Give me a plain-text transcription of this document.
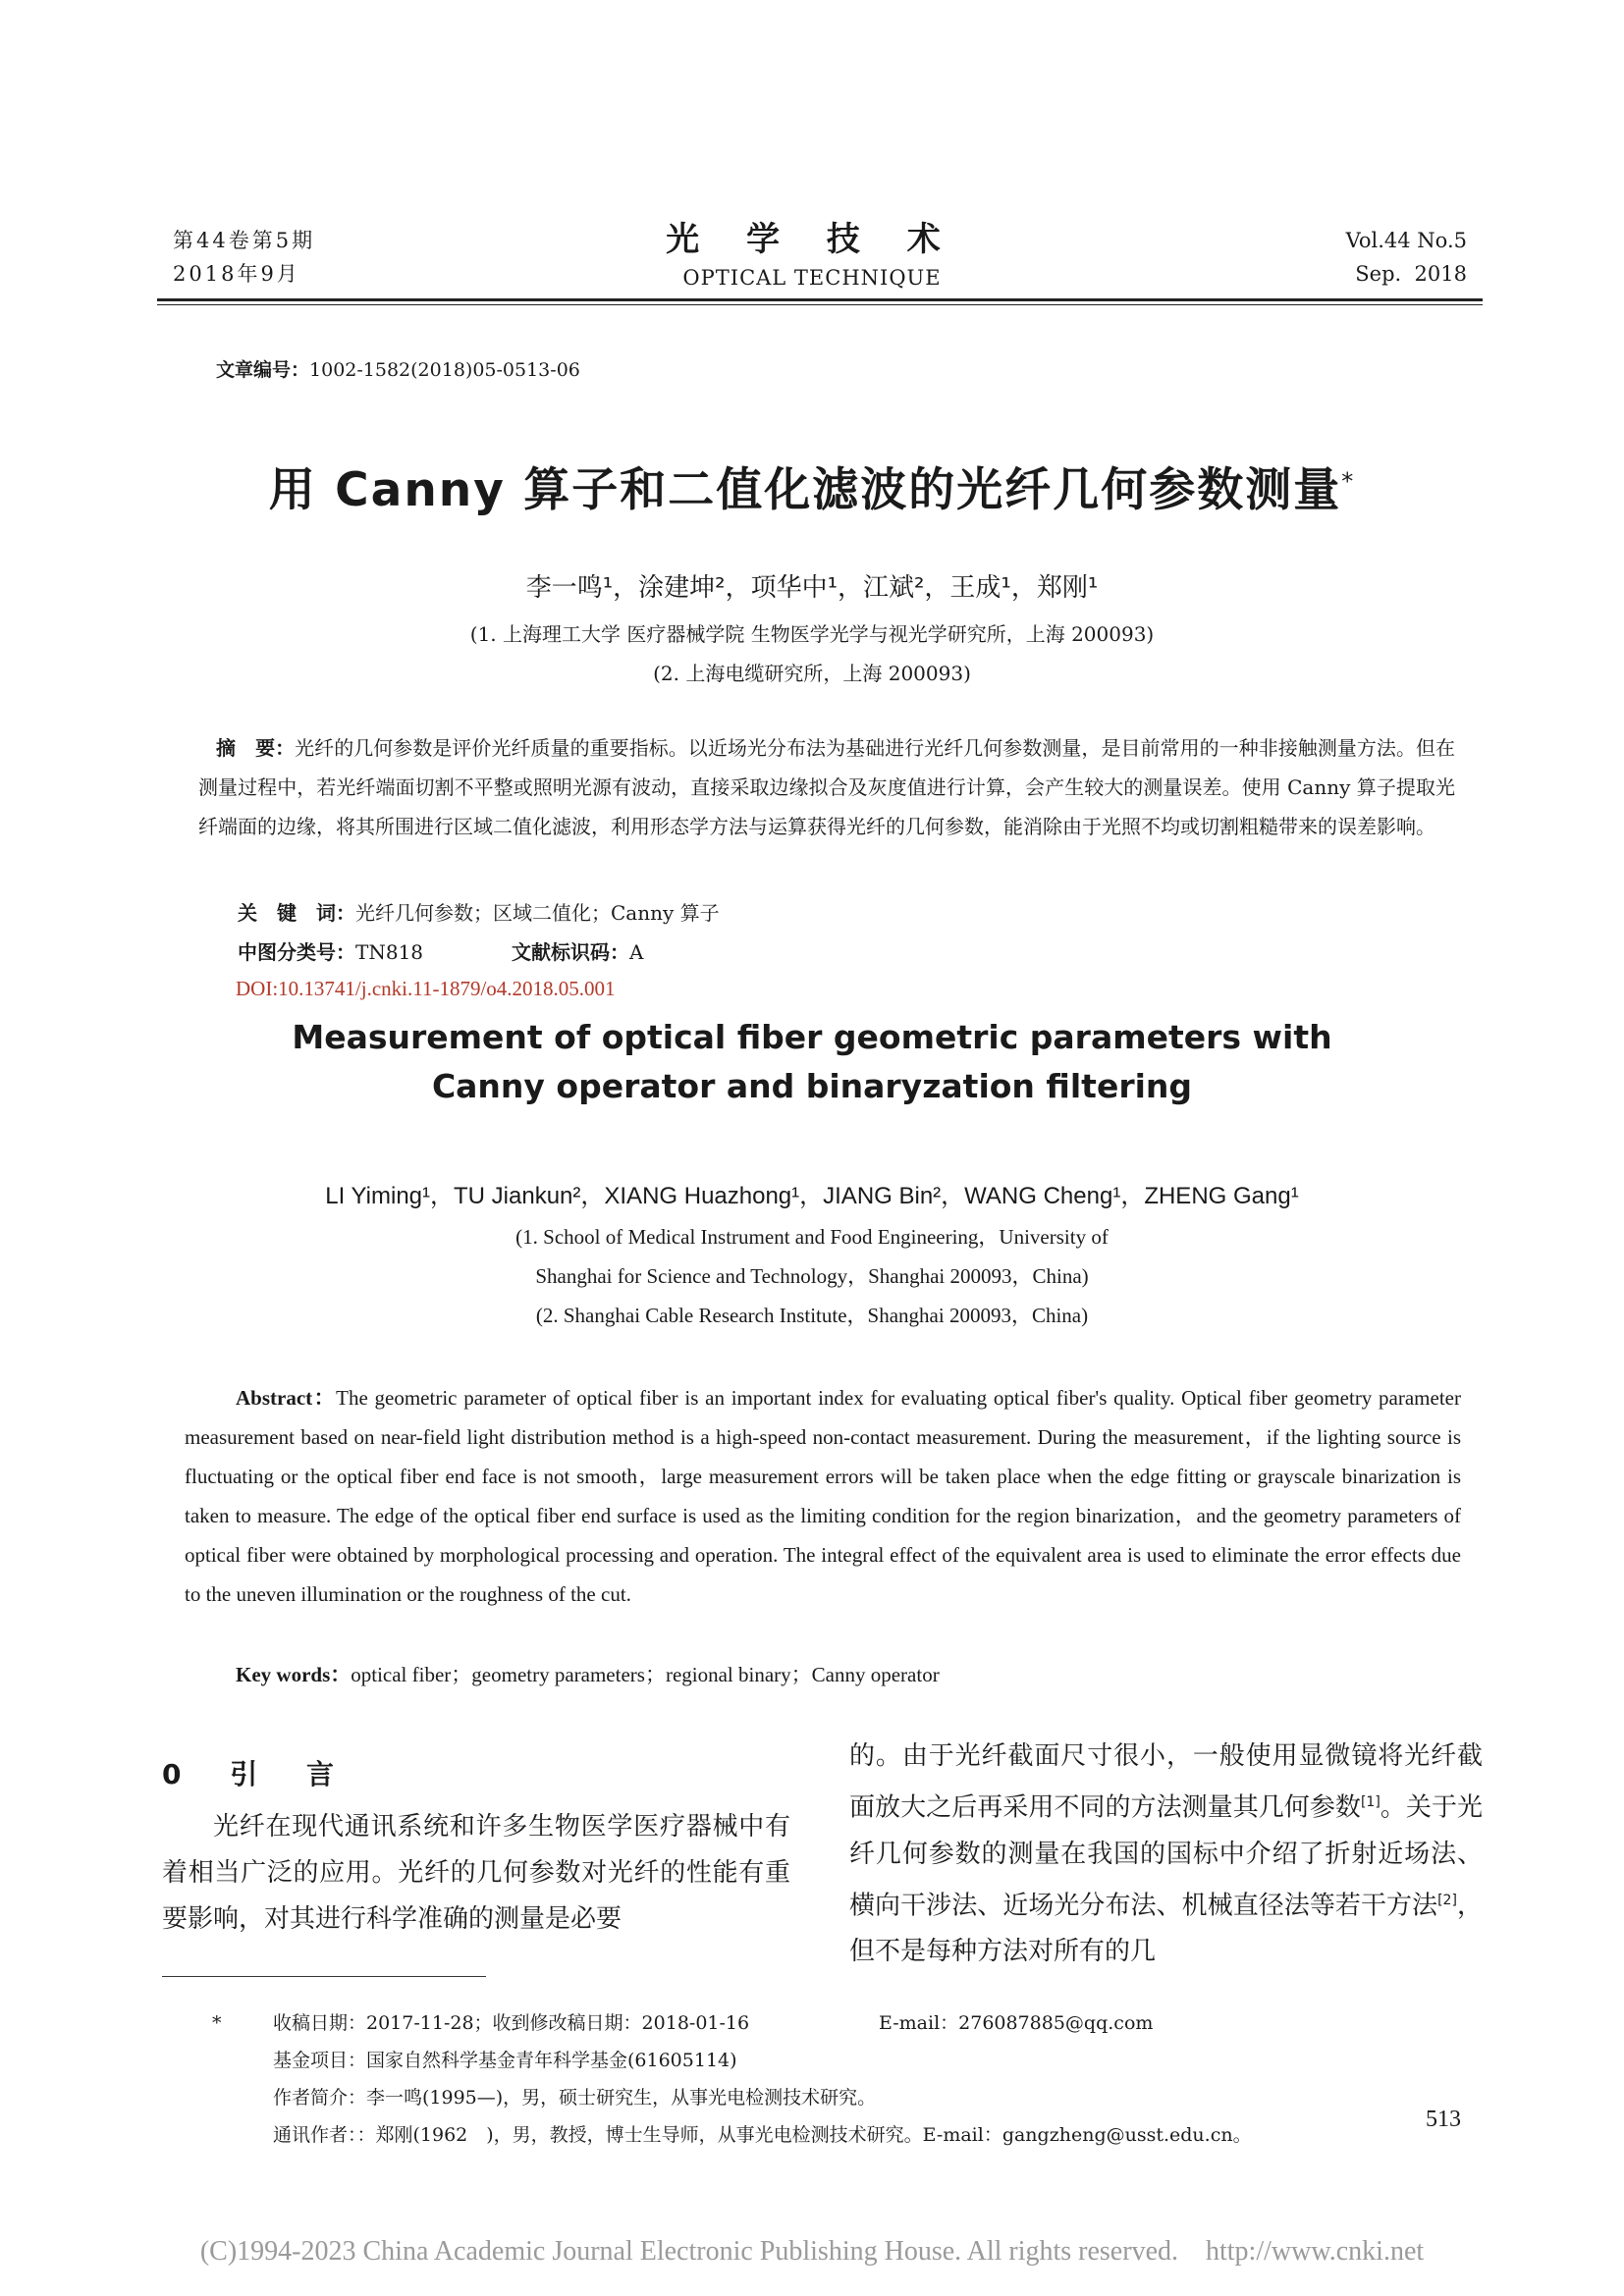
第44卷第5期
2018年9月
光 学 技 术
OPTICAL TECHNIQUE
Vol.44 No.5
Sep.  2018
文章编号：1002-1582(2018)05-0513-06
用 Canny 算子和二值化滤波的光纤几何参数测量*
李一鸣¹，涂建坤²，项华中¹，江斌²，王成¹，郑刚¹
(1. 上海理工大学 医疗器械学院 生物医学光学与视光学研究所，上海 200093)
(2. 上海电缆研究所，上海 200093)
摘　要：光纤的几何参数是评价光纤质量的重要指标。以近场光分布法为基础进行光纤几何参数测量，是目前常用的一种非接触测量方法。但在测量过程中，若光纤端面切割不平整或照明光源有波动，直接采取边缘拟合及灰度值进行计算，会产生较大的测量误差。使用 Canny 算子提取光纤端面的边缘，将其所围进行区域二值化滤波，利用形态学方法与运算获得光纤的几何参数，能消除由于光照不均或切割粗糙带来的误差影响。
关　键　词：光纤几何参数；区域二值化；Canny 算子
中图分类号：TN818	文献标识码：A
DOI:10.13741/j.cnki.11-1879/o4.2018.05.001
Measurement of optical fiber geometric parameters with
Canny operator and binaryzation filtering
LI Yiming¹，TU Jiankun²，XIANG Huazhong¹，JIANG Bin²，WANG Cheng¹，ZHENG Gang¹
(1. School of Medical Instrument and Food Engineering，University of
Shanghai for Science and Technology，Shanghai 200093，China)
(2. Shanghai Cable Research Institute，Shanghai 200093，China)
Abstract：The geometric parameter of optical fiber is an important index for evaluating optical fiber's quality. Optical fiber geometry parameter measurement based on near-field light distribution method is a high-speed non-contact measurement. During the measurement，if the lighting source is fluctuating or the optical fiber end face is not smooth，large measurement errors will be taken place when the edge fitting or grayscale binarization is taken to measure. The edge of the optical fiber end surface is used as the limiting condition for the region binarization，and the geometry parameters of optical fiber were obtained by morphological processing and operation. The integral effect of the equivalent area is used to eliminate the error effects due to the uneven illumination or the roughness of the cut.
Key words：optical fiber；geometry parameters；regional binary；Canny operator
0 引 言
光纤在现代通讯系统和许多生物医学医疗器械中有着相当广泛的应用。光纤的几何参数对光纤的性能有重要影响，对其进行科学准确的测量是必要
的。由于光纤截面尺寸很小，一般使用显微镜将光纤截面放大之后再采用不同的方法测量其几何参数[1]。关于光纤几何参数的测量在我国的国标中介绍了折射近场法、横向干涉法、近场光分布法、机械直径法等若干方法[2]，但不是每种方法对所有的几
*	收稿日期：2017-11-28；收到修改稿日期：2018-01-16	E-mail：276087885@qq.com
基金项目：国家自然科学基金青年科学基金(61605114)
作者简介：李一鸣(1995—)，男，硕士研究生，从事光电检测技术研究。
通讯作者：：郑刚(1962　)，男，教授，博士生导师，从事光电检测技术研究。E-mail：gangzheng@usst.edu.cn。
513
(C)1994-2023 China Academic Journal Electronic Publishing House. All rights reserved. http://www.cnki.net
